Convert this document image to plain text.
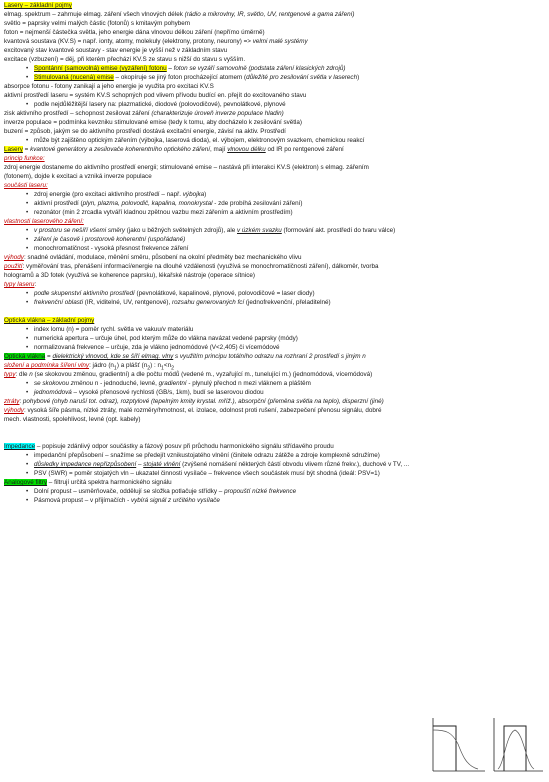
Lasery – základní pojmy
elmag. spektrum – zahrnuje elmag. záření všech vlnových délek (rádio a mikrovlny, IR, světlo, UV, rentgenové a gama záření)
světlo = paprsky velmi malých částic (fotonů) s kmitavým pohybem
foton = nejmenší částečka světla, jeho energie dána vlnovou délkou záření (nepřímo úměrně)
kvantová soustava (KV.S) = např. ionty, atomy, molekuly (elektrony, protony, neurony) => velmi malé systémy
excitovaný stav kvantové soustavy - stav energie je vyšší než v základním stavu
excitace (vzbuzení) = děj, při kterém přechází KV.S ze stavu s nižší do stavu s vyšším.
• Spontánní (samovolná) emise (vyzáření) fotonu – foton se vyzáří samovolně (podstata záření klasických zdrojů)
• Stimulovaná (nucená) emise – okopíruje se jiný foton procházející atomem (důležité pro zesilování světla v laserech)
absorpce fotonu - fotony zanikají a jeho energie je využita pro excitaci KV.S
aktivní prostředí laseru = systém KV.S schopných pod vlivem přívodu budící en. přejít do excitovaného stavu
• podle nejdůlěžitější lasery na: plazmatické, diodové (polovodičové), pevnolátkové, plynové
zisk aktivního prostředí – schopnost zesilovat záření (charakterizuje úroveň inverze populace hladin)
inverze populace = podmínka kevzniku stimulované emise (tedy k tomu, aby docházelo k zesilování světla)
buzení = způsob, jakým se do aktivního prostředí dostává excitační energie, závisí na aktiv. Prostředí
• může být zajištěno optickým zářením (výbojka, laserová dioda), el. výbojem, elektronovým svazkem, chemickou reakcí
Lasery = kvantové generátory a zesilovače koherentního optického záření, mají vlnovou délku od IR po rentgenové záření
princip funkce:
zdroj energie dostaneme do aktivního prostředí energii; stimulované emise – nastává při interakci KV.S (elektron) s elmag. zářením
(fotonem), dojde k excitaci a vzniká inverze populace
součásti laseru:
• zdroj energie (pro excitaci aktivního prostředí – např. výbojka)
• aktivní prostředí (plyn, plazma, polovodič, kapalina, monokrystal - zde probíhá zesilování záření)
• rezonátor (min 2 zrcadla vytváří kladnou zpětnou vazbu mezi zářením a aktivním prostředím)
vlastnosti laserového záření:
• v prostoru se nešíří všemi směry (jako u běžných světelných zdrojů), ale v úzkém svazku (formování akt. prostředí do tvaru válce)
• záření je časově i prostorově koherentní (uspořádané)
• monochromatičnost - vysoká přesnost frekvence záření
výhody: snadné ovládání, modulace, měnění směru, působení na okolní předměty bez mechanického vlivu
použití: vyměřování tras, přenášení informací/energie na dlouhé vzdálenosti (využívá se monochromatičnosti záření), dálkoměr, tvorba
hologramů a 3D fotek (využívá se koherence paprsku), lékařské nástroje (operace sítnice)
typy laseru:
• podle skupenství aktivního prostředí (pevnolátkové, kapalinové, plynové, polovodičové = laser diody)
• frekvenční oblasti (IR, viditelné, UV, rentgenové), rozsahu generovaných fcí (jednofrekvenční, přeladitelné)
Optická vlákna – základní pojmy
• index lomu (n) = poměr rychl. světla ve vakuu/v materiálu
• numerická apertura – určuje úhel, pod kterým může do vlákna navázat vedené paprsky (módy)
• normalizovaná frekvence – určuje, zda je vlákno jednomódové (V<2,405) či vícemódové
Optická vlákna = dielektrický vlnovod, kde se šíří elmag. vlny s využitím principu totálního odrazu na rozhraní 2 prostředí s jiným n
složení a podmínka šíření vlny: jádro $(n_1)$ a plášť $(n_2)$ : $n_1<n_2$
typy: dle n (se skokovou změnou, gradientní) a dle počtu módů (vedené m., vyzařující m., tunelující m.) (jednomódová, vícemódová)
• se skokovou změnou n - jednoduché, levné, gradientní - plynulý přechod n mezi vláknem a pláštěm
• jednomódová – vysoké přenosové rychlosti (GB/s, 1km), budí se laserovou diodou
ztráty: pohybové (ohyb naruší tot. odraz), rozptylové (tepelným kmity krystal. mříž.), absorpční (přeměna světla na teplo), disperzní (jiné)
výhody: vysoká šíře pásma, nízké ztráty, malé rozměry/hmotnost, el. izolace, odolnost proti rušení, zabezpečení přenosu signálu, dobré
mech. vlastnosti, spolehlivost, levné (opt. kabely)
Impedance – popisuje zdánlivý odpor součástky a fázový posuv při průchodu harmonického signálu střídavého proudu
• impedanční přepůsobení – snažíme se předejít vznikustojatého vlnění (činitele odrazu zátěže a zdroje komplexně sdružíme)
• důsledky impedance nepřizpůsobení – stojaté vlnění (zvýšené nomášení některých částí obvodu vlivem různé frekv.), duchové v TV, ...
• PSV (SWR) = poměr stojatých vln – ukazatel činnosti vysílače – frekvence všech součástek musí být shodná (ideál: PSV=1)
Analogové filtry – filtrují určitá spektra harmonického signálu
• Dolní propust – usměrňovače, oddělují se složka potlačuje střídky – propouští nízké frekvence
• Pásmová propust – v přijímačích - vybírá signál z určitého vysílače
